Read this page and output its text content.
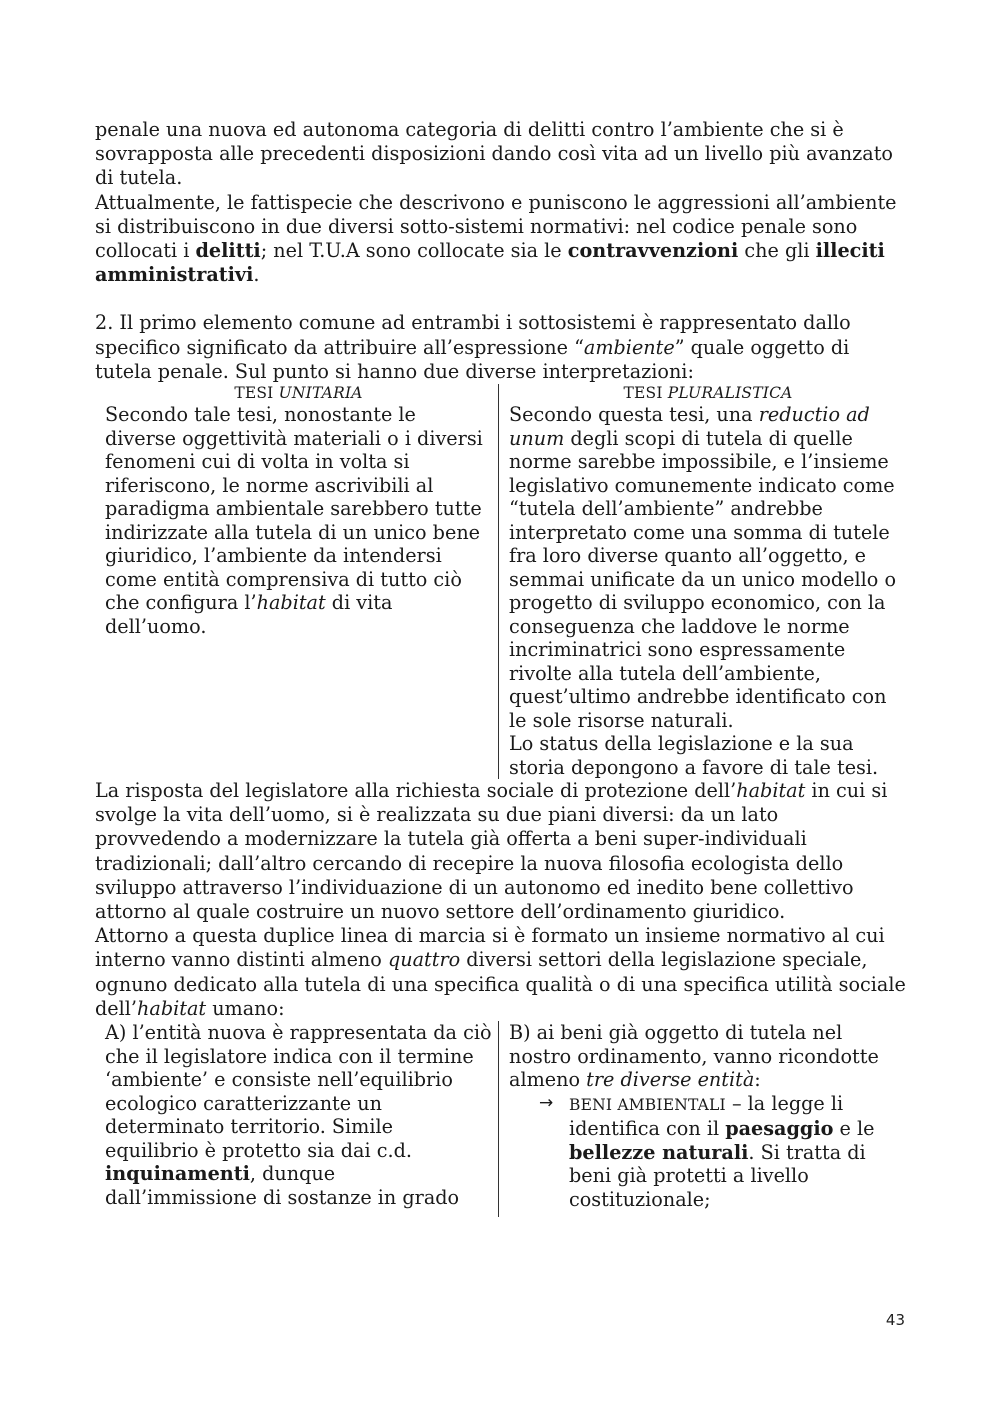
penale una nuova ed autonoma categoria di delitti contro l’ambiente che si è sovrapposta alle precedenti disposizioni dando così vita ad un livello più avanzato di tutela.

Attualmente, le fattispecie che descrivono e puniscono le aggressioni all’ambiente si distribuiscono in due diversi sotto-sistemi normativi: nel codice penale sono collocati i delitti; nel T.U.A sono collocate sia le contravvenzioni che gli illeciti amministrativi.

2. Il primo elemento comune ad entrambi i sottosistemi è rappresentato dallo specifico significato da attribuire all’espressione “ambiente” quale oggetto di tutela penale. Sul punto si hanno due diverse interpretazioni:

TESI UNITARIA
Secondo tale tesi, nonostante le diverse oggettività materiali o i diversi fenomeni cui di volta in volta si riferiscono, le norme ascrivibili al paradigma ambientale sarebbero tutte indirizzate alla tutela di un unico bene giuridico, l’ambiente da intendersi come entità comprensiva di tutto ciò che configura l’habitat di vita dell’uomo.
TESI PLURALISTICA
Secondo questa tesi, una reductio ad unum degli scopi di tutela di quelle norme sarebbe impossibile, e l’insieme legislativo comunemente indicato come “tutela dell’ambiente” andrebbe interpretato come una somma di tutele fra loro diverse quanto all’oggetto, e semmai unificate da un unico modello o progetto di sviluppo economico, con la conseguenza che laddove le norme incriminatrici sono espressamente rivolte alla tutela dell’ambiente, quest’ultimo andrebbe identificato con le sole risorse naturali.
Lo status della legislazione e la sua storia depongono a favore di tale tesi.

La risposta del legislatore alla richiesta sociale di protezione dell’habitat in cui si svolge la vita dell’uomo, si è realizzata su due piani diversi: da un lato provvedendo a modernizzare la tutela già offerta a beni super-individuali tradizionali; dall’altro cercando di recepire la nuova filosofia ecologista dello sviluppo attraverso l’individuazione di un autonomo ed inedito bene collettivo attorno al quale costruire un nuovo settore dell’ordinamento giuridico.

Attorno a questa duplice linea di marcia si è formato un insieme normativo al cui interno vanno distinti almeno quattro diversi settori della legislazione speciale, ognuno dedicato alla tutela di una specifica qualità o di una specifica utilità sociale dell’habitat umano:

A) l’entità nuova è rappresentata da ciò che il legislatore indica con il termine ‘ambiente’ e consiste nell’equilibrio ecologico caratterizzante un determinato territorio. Simile equilibrio è protetto sia dai c.d. inquinamenti, dunque dall’immissione di sostanze in grado
B) ai beni già oggetto di tutela nel nostro ordinamento, vanno ricondotte almeno tre diverse entità:
→	BENI AMBIENTALI – la legge li identifica con il paesaggio e le bellezze naturali. Si tratta di beni già protetti a livello costituzionale;
43
